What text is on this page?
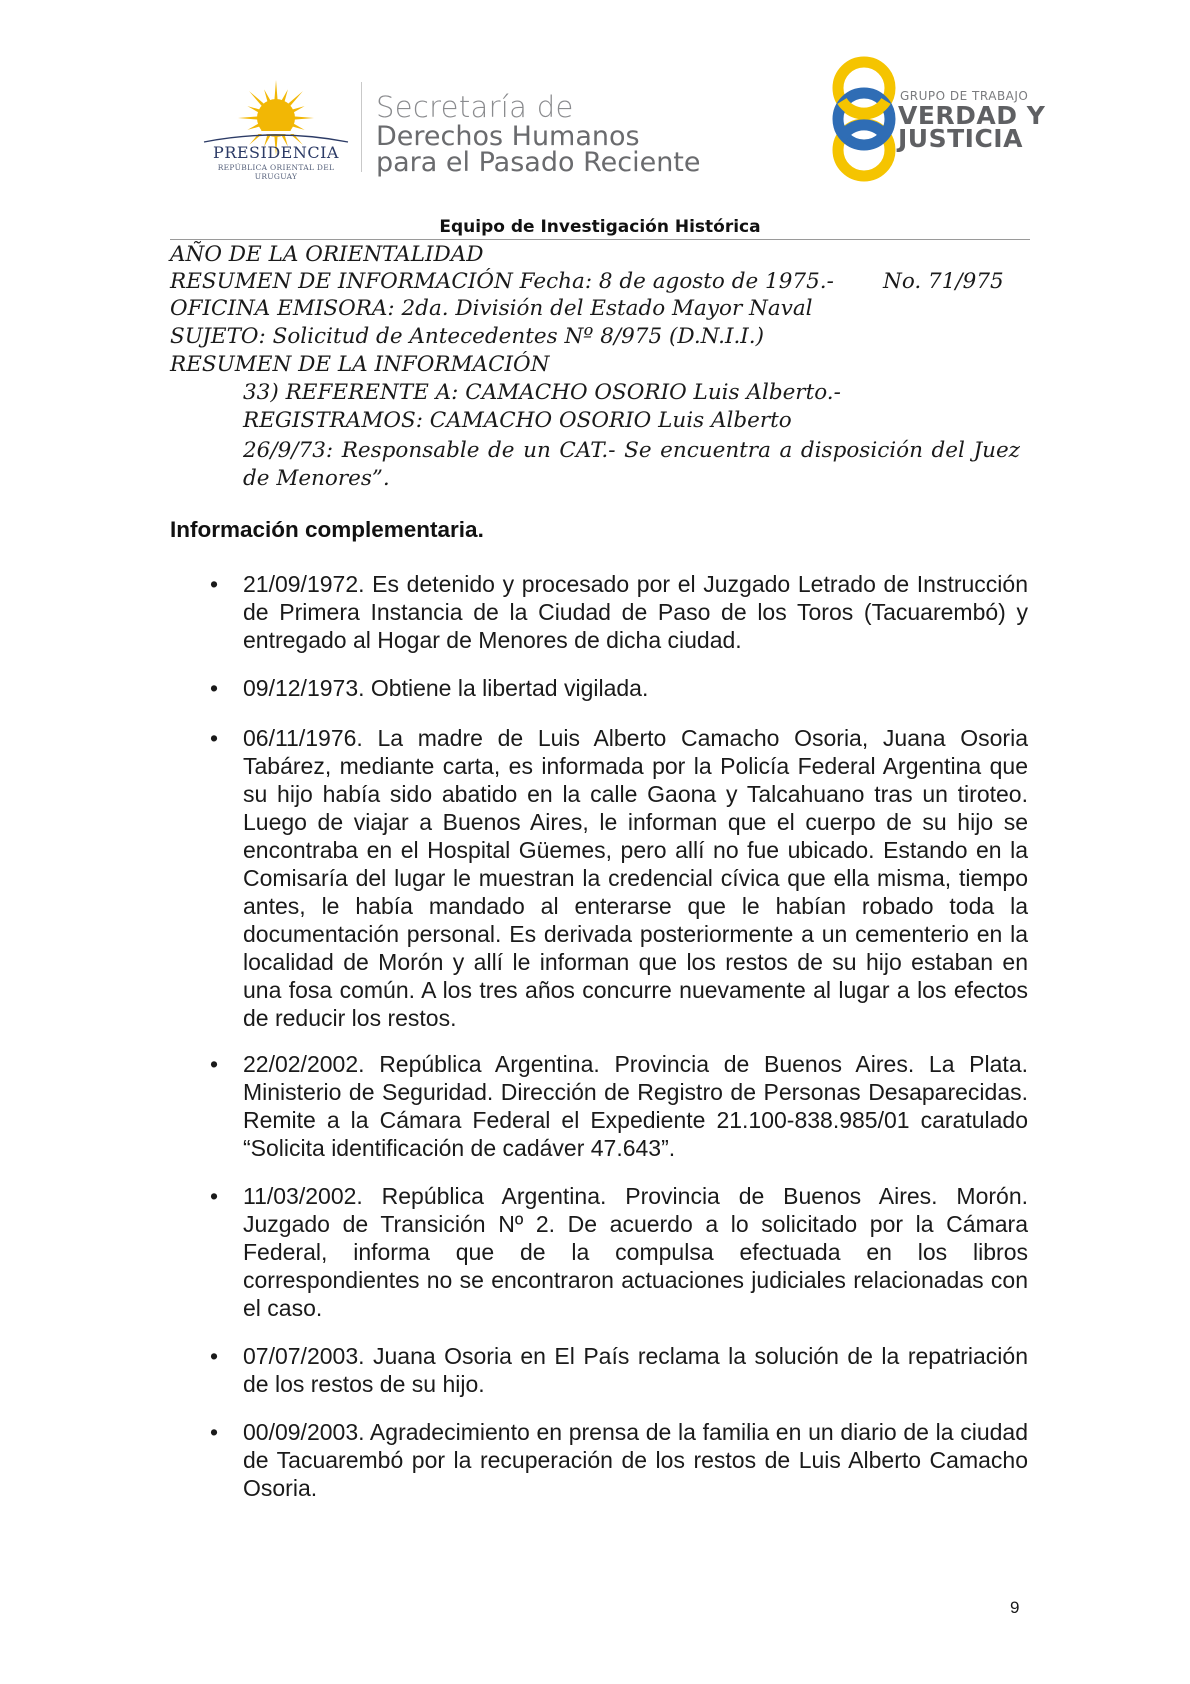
PRESIDENCIA
REPÚBLICA ORIENTAL DEL URUGUAY
Secretaría de
Derechos Humanos
para el Pasado Reciente
GRUPO DE TRABAJO
VERDAD Y
JUSTICIA
Equipo de Investigación Histórica
AÑO DE LA ORIENTALIDAD
RESUMEN DE INFORMACIÓN Fecha: 8 de agosto de 1975.- No. 71/975
OFICINA EMISORA: 2da. División del Estado Mayor Naval
SUJETO: Solicitud de Antecedentes Nº 8/975 (D.N.I.I.)
RESUMEN DE LA INFORMACIÓN
33) REFERENTE A: CAMACHO OSORIO Luis Alberto.-
REGISTRAMOS: CAMACHO OSORIO Luis Alberto
26/9/73: Responsable de un CAT.- Se encuentra a disposición del Juez de Menores”.
Información complementaria.
• 21/09/1972. Es detenido y procesado por el Juzgado Letrado de Instrucción de Primera Instancia de la Ciudad de Paso de los Toros (Tacuarembó) y entregado al Hogar de Menores de dicha ciudad.
• 09/12/1973. Obtiene la libertad vigilada.
• 06/11/1976. La madre de Luis Alberto Camacho Osoria, Juana Osoria Tabárez, mediante carta, es informada por la Policía Federal Argentina que su hijo había sido abatido en la calle Gaona y Talcahuano tras un tiroteo. Luego de viajar a Buenos Aires, le informan que el cuerpo de su hijo se encontraba en el Hospital Güemes, pero allí no fue ubicado. Estando en la Comisaría del lugar le muestran la credencial cívica que ella misma, tiempo antes, le había mandado al enterarse que le habían robado toda la documentación personal. Es derivada posteriormente a un cementerio en la localidad de Morón y allí le informan que los restos de su hijo estaban en una fosa común. A los tres años concurre nuevamente al lugar a los efectos de reducir los restos.
• 22/02/2002. República Argentina. Provincia de Buenos Aires. La Plata. Ministerio de Seguridad. Dirección de Registro de Personas Desaparecidas. Remite a la Cámara Federal el Expediente 21.100-838.985/01 caratulado “Solicita identificación de cadáver 47.643”.
• 11/03/2002. República Argentina. Provincia de Buenos Aires. Morón. Juzgado de Transición Nº 2. De acuerdo a lo solicitado por la Cámara Federal, informa que de la compulsa efectuada en los libros correspondientes no se encontraron actuaciones judiciales relacionadas con el caso.
• 07/07/2003. Juana Osoria en El País reclama la solución de la repatriación de los restos de su hijo.
• 00/09/2003. Agradecimiento en prensa de la familia en un diario de la ciudad de Tacuarembó por la recuperación de los restos de Luis Alberto Camacho Osoria.
9
